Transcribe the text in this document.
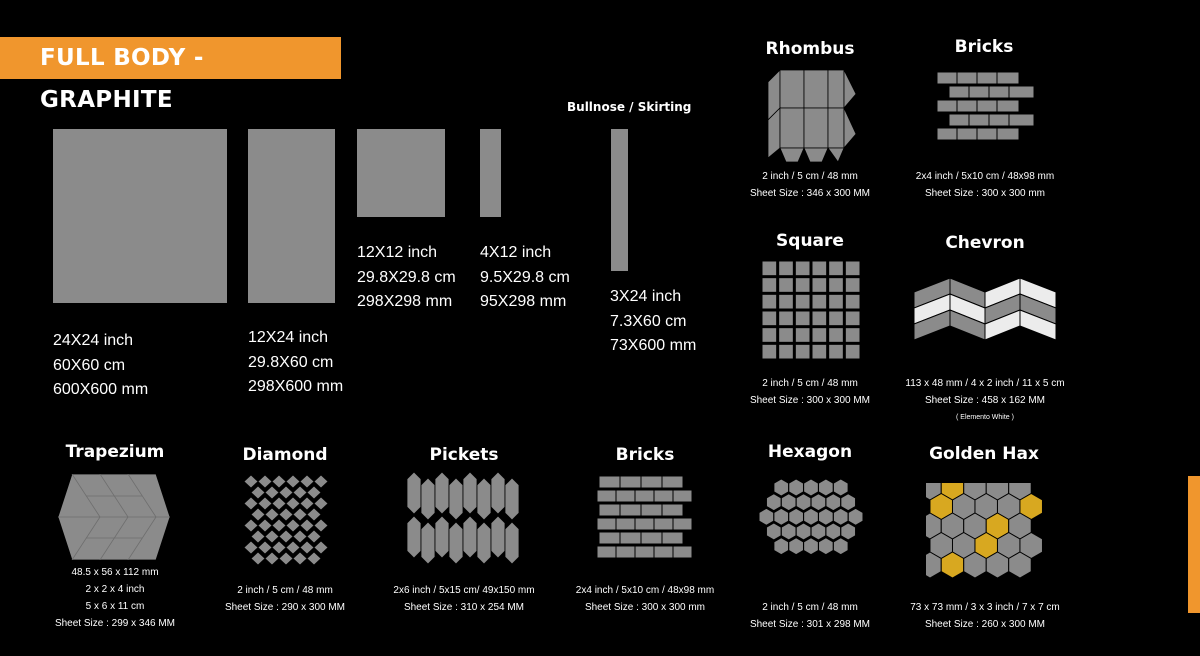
FULL BODY - GRAPHITE	Bullnose / Skirting
24X24 inch
60X60 cm
600X600 mm
12X24 inch
29.8X60 cm
298X600 mm
12X12 inch
29.8X29.8 cm
298X298 mm
4X12 inch
9.5X29.8 cm
95X298 mm	3X24 inch
7.3X60 cm
73X600 mm
Rhombus
2 inch / 5 cm / 48 mm
Sheet Size : 346 x 300 MM
Bricks
2x4 inch / 5x10 cm / 48x98 mm
Sheet Size : 300 x 300 mm
Square
2 inch / 5 cm / 48 mm
Sheet Size : 300 x 300 MM
Chevron
113 x 48 mm / 4 x 2 inch / 11 x 5 cm
Sheet Size : 458 x 162 MM
( Elemento White )
Trapezium
48.5 x 56 x 112 mm
2 x 2 x 4 inch
5 x 6 x 11 cm
Sheet Size : 299 x 346 MM
Diamond
2 inch / 5 cm / 48 mm
Sheet Size : 290 x 300 MM
Pickets
2x6 inch / 5x15 cm/ 49x150 mm
Sheet Size : 310 x 254 MM
Bricks
2x4 inch / 5x10 cm / 48x98 mm
Sheet Size : 300 x 300 mm
Hexagon
2 inch / 5 cm / 48 mm
Sheet Size : 301 x 298 MM
Golden Hax
73 x 73 mm / 3 x 3 inch / 7 x 7 cm
Sheet Size : 260 x 300 MM
